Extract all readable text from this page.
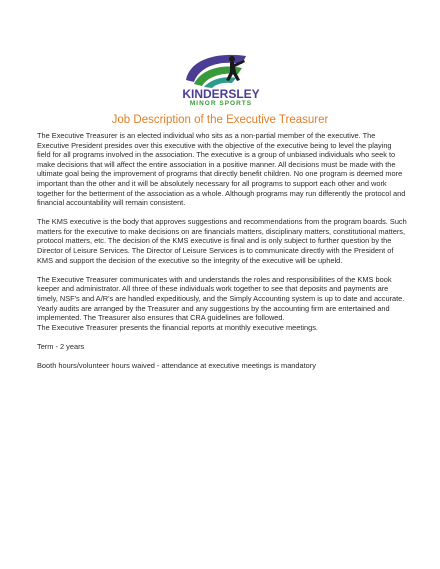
KINDERSLEY
MINOR SPORTS
Job Description of the Executive Treasurer

The Executive Treasurer is an elected individual who sits as a non-partial member of the executive. The Executive President presides over this executive with the objective of the executive being to level the playing field for all programs involved in the association. The executive is a group of unbiased individuals who seek to make decisions that will affect the entire association in a positive manner. All decisions must be made with the ultimate goal being the improvement of programs that directly benefit children. No one program is deemed more important than the other and it will be absolutely necessary for all programs to support each other and work together for the betterment of the association as a whole. Although programs may run differently the protocol and financial accountability will remain consistent.

The KMS executive is the body that approves suggestions and recommendations from the program boards. Such matters for the executive to make decisions on are financials matters, disciplinary matters, constitutional matters, protocol matters, etc. The decision of the KMS executive is final and is only subject to further question by the Director of Leisure Services. The Director of Leisure Services is to communicate directly with the President of KMS and support the decision of the executive so the integrity of the executive will be upheld.

The Executive Treasurer communicates with and understands the roles and responsibilities of the KMS book keeper and administrator. All three of these individuals work together to see that deposits and payments are timely, NSF's and A/R's are handled expeditiously, and the Simply Accounting system is up to date and accurate. Yearly audits are arranged by the Treasurer and any suggestions by the accounting firm are entertained and implemented. The Treasurer also ensures that CRA guidelines are followed.

The Executive Treasurer presents the financial reports at monthly executive meetings.

Term - 2 years

Booth hours/volunteer hours waived - attendance at executive meetings is mandatory
